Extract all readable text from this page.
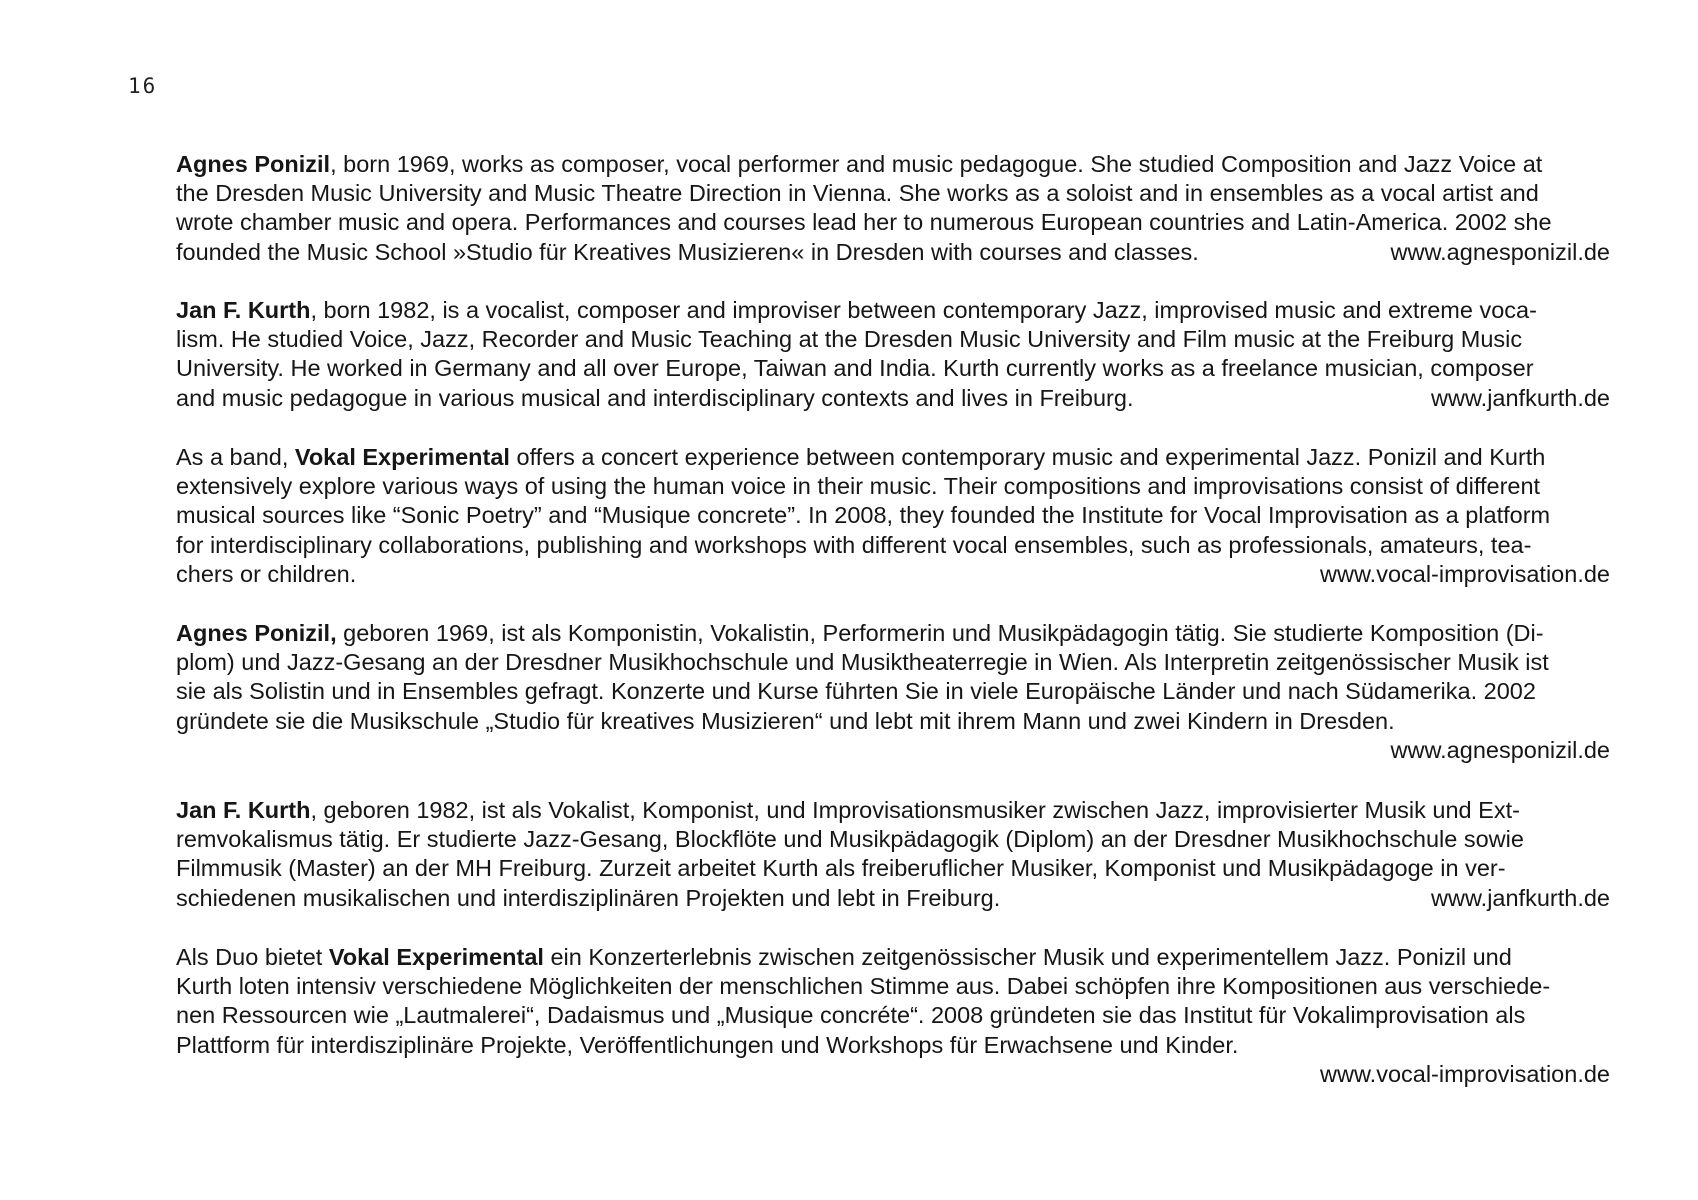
16
Agnes Ponizil, born 1969, works as composer, vocal performer and music pedagogue. She studied Composition and Jazz Voice at
the Dresden Music University and Music Theatre Direction in Vienna. She works as a soloist and in ensembles as a vocal artist and
wrote chamber music and opera. Performances and courses lead her to numerous European countries and Latin-America. 2002 she
founded the Music School »Studio für Kreatives Musizieren« in Dresden with courses and classes.	www.agnesponizil.de
Jan F. Kurth, born 1982, is a vocalist, composer and improviser between contemporary Jazz, improvised music and extreme voca-
lism. He studied Voice, Jazz, Recorder and Music Teaching at the Dresden Music University and Film music at the Freiburg Music
University. He worked in Germany and all over Europe, Taiwan and India. Kurth currently works as a freelance musician, composer
and music pedagogue in various musical and interdisciplinary contexts and lives in Freiburg.	www.janfkurth.de
As a band, Vokal Experimental offers a concert experience between contemporary music and experimental Jazz. Ponizil and Kurth
extensively explore various ways of using the human voice in their music. Their compositions and improvisations consist of different
musical sources like “Sonic Poetry” and “Musique concrete”. In 2008, they founded the Institute for Vocal Improvisation as a platform
for interdisciplinary collaborations, publishing and workshops with different vocal ensembles, such as professionals, amateurs, tea-
chers or children.	www.vocal-improvisation.de
Agnes Ponizil, geboren 1969, ist als Komponistin, Vokalistin, Performerin und Musikpädagogin tätig. Sie studierte Komposition (Di-
plom) und Jazz-Gesang an der Dresdner Musikhochschule und Musiktheaterregie in Wien. Als Interpretin zeitgenössischer Musik ist
sie als Solistin und in Ensembles gefragt. Konzerte und Kurse führten Sie in viele Europäische Länder und nach Südamerika. 2002
gründete sie die Musikschule „Studio für kreatives Musizieren“ und lebt mit ihrem Mann und zwei Kindern in Dresden.
www.agnesponizil.de
Jan F. Kurth, geboren 1982, ist als Vokalist, Komponist, und Improvisationsmusiker zwischen Jazz, improvisierter Musik und Ext-
remvokalismus tätig. Er studierte Jazz-Gesang, Blockflöte und Musikpädagogik (Diplom) an der Dresdner Musikhochschule sowie
Filmmusik (Master) an der MH Freiburg. Zurzeit arbeitet Kurth als freiberuflicher Musiker, Komponist und Musikpädagoge in ver-
schiedenen musikalischen und interdisziplinären Projekten und lebt in Freiburg.	www.janfkurth.de
Als Duo bietet Vokal Experimental ein Konzerterlebnis zwischen zeitgenössischer Musik und experimentellem Jazz. Ponizil und
Kurth loten intensiv verschiedene Möglichkeiten der menschlichen Stimme aus. Dabei schöpfen ihre Kompositionen aus verschiede-
nen Ressourcen wie „Lautmalerei“, Dadaismus und „Musique concréte“. 2008 gründeten sie das Institut für Vokalimprovisation als
Plattform für interdisziplinäre Projekte, Veröffentlichungen und Workshops für Erwachsene und Kinder.
www.vocal-improvisation.de
